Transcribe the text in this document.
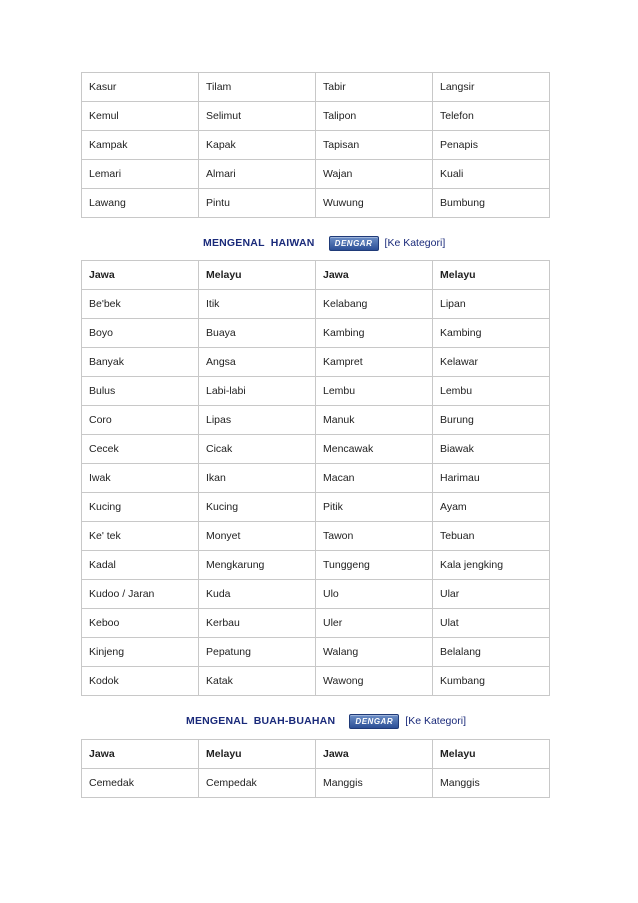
Kasur	Tilam	Tabir	Langsir
Kemul	Selimut	Talipon	Telefon
Kampak	Kapak	Tapisan	Penapis
Lemari	Almari	Wajan	Kuali
Lawang	Pintu	Wuwung	Bumbung
MENGENAL  HAIWAN	DENGAR	[Ke Kategori]
Jawa	Melayu	Jawa	Melayu
Be'bek	Itik	Kelabang	Lipan
Boyo	Buaya	Kambing	Kambing
Banyak	Angsa	Kampret	Kelawar
Bulus	Labi-labi	Lembu	Lembu
Coro	Lipas	Manuk	Burung
Cecek	Cicak	Mencawak	Biawak
Iwak	Ikan	Macan	Harimau
Kucing	Kucing	Pitik	Ayam
Ke' tek	Monyet	Tawon	Tebuan
Kadal	Mengkarung	Tunggeng	Kala jengking
Kudoo / Jaran	Kuda	Ulo	Ular
Keboo	Kerbau	Uler	Ulat
Kinjeng	Pepatung	Walang	Belalang
Kodok	Katak	Wawong	Kumbang
MENGENAL  BUAH-BUAHAN	DENGAR	[Ke Kategori]
Jawa	Melayu	Jawa	Melayu
Cemedak	Cempedak	Manggis	Manggis
